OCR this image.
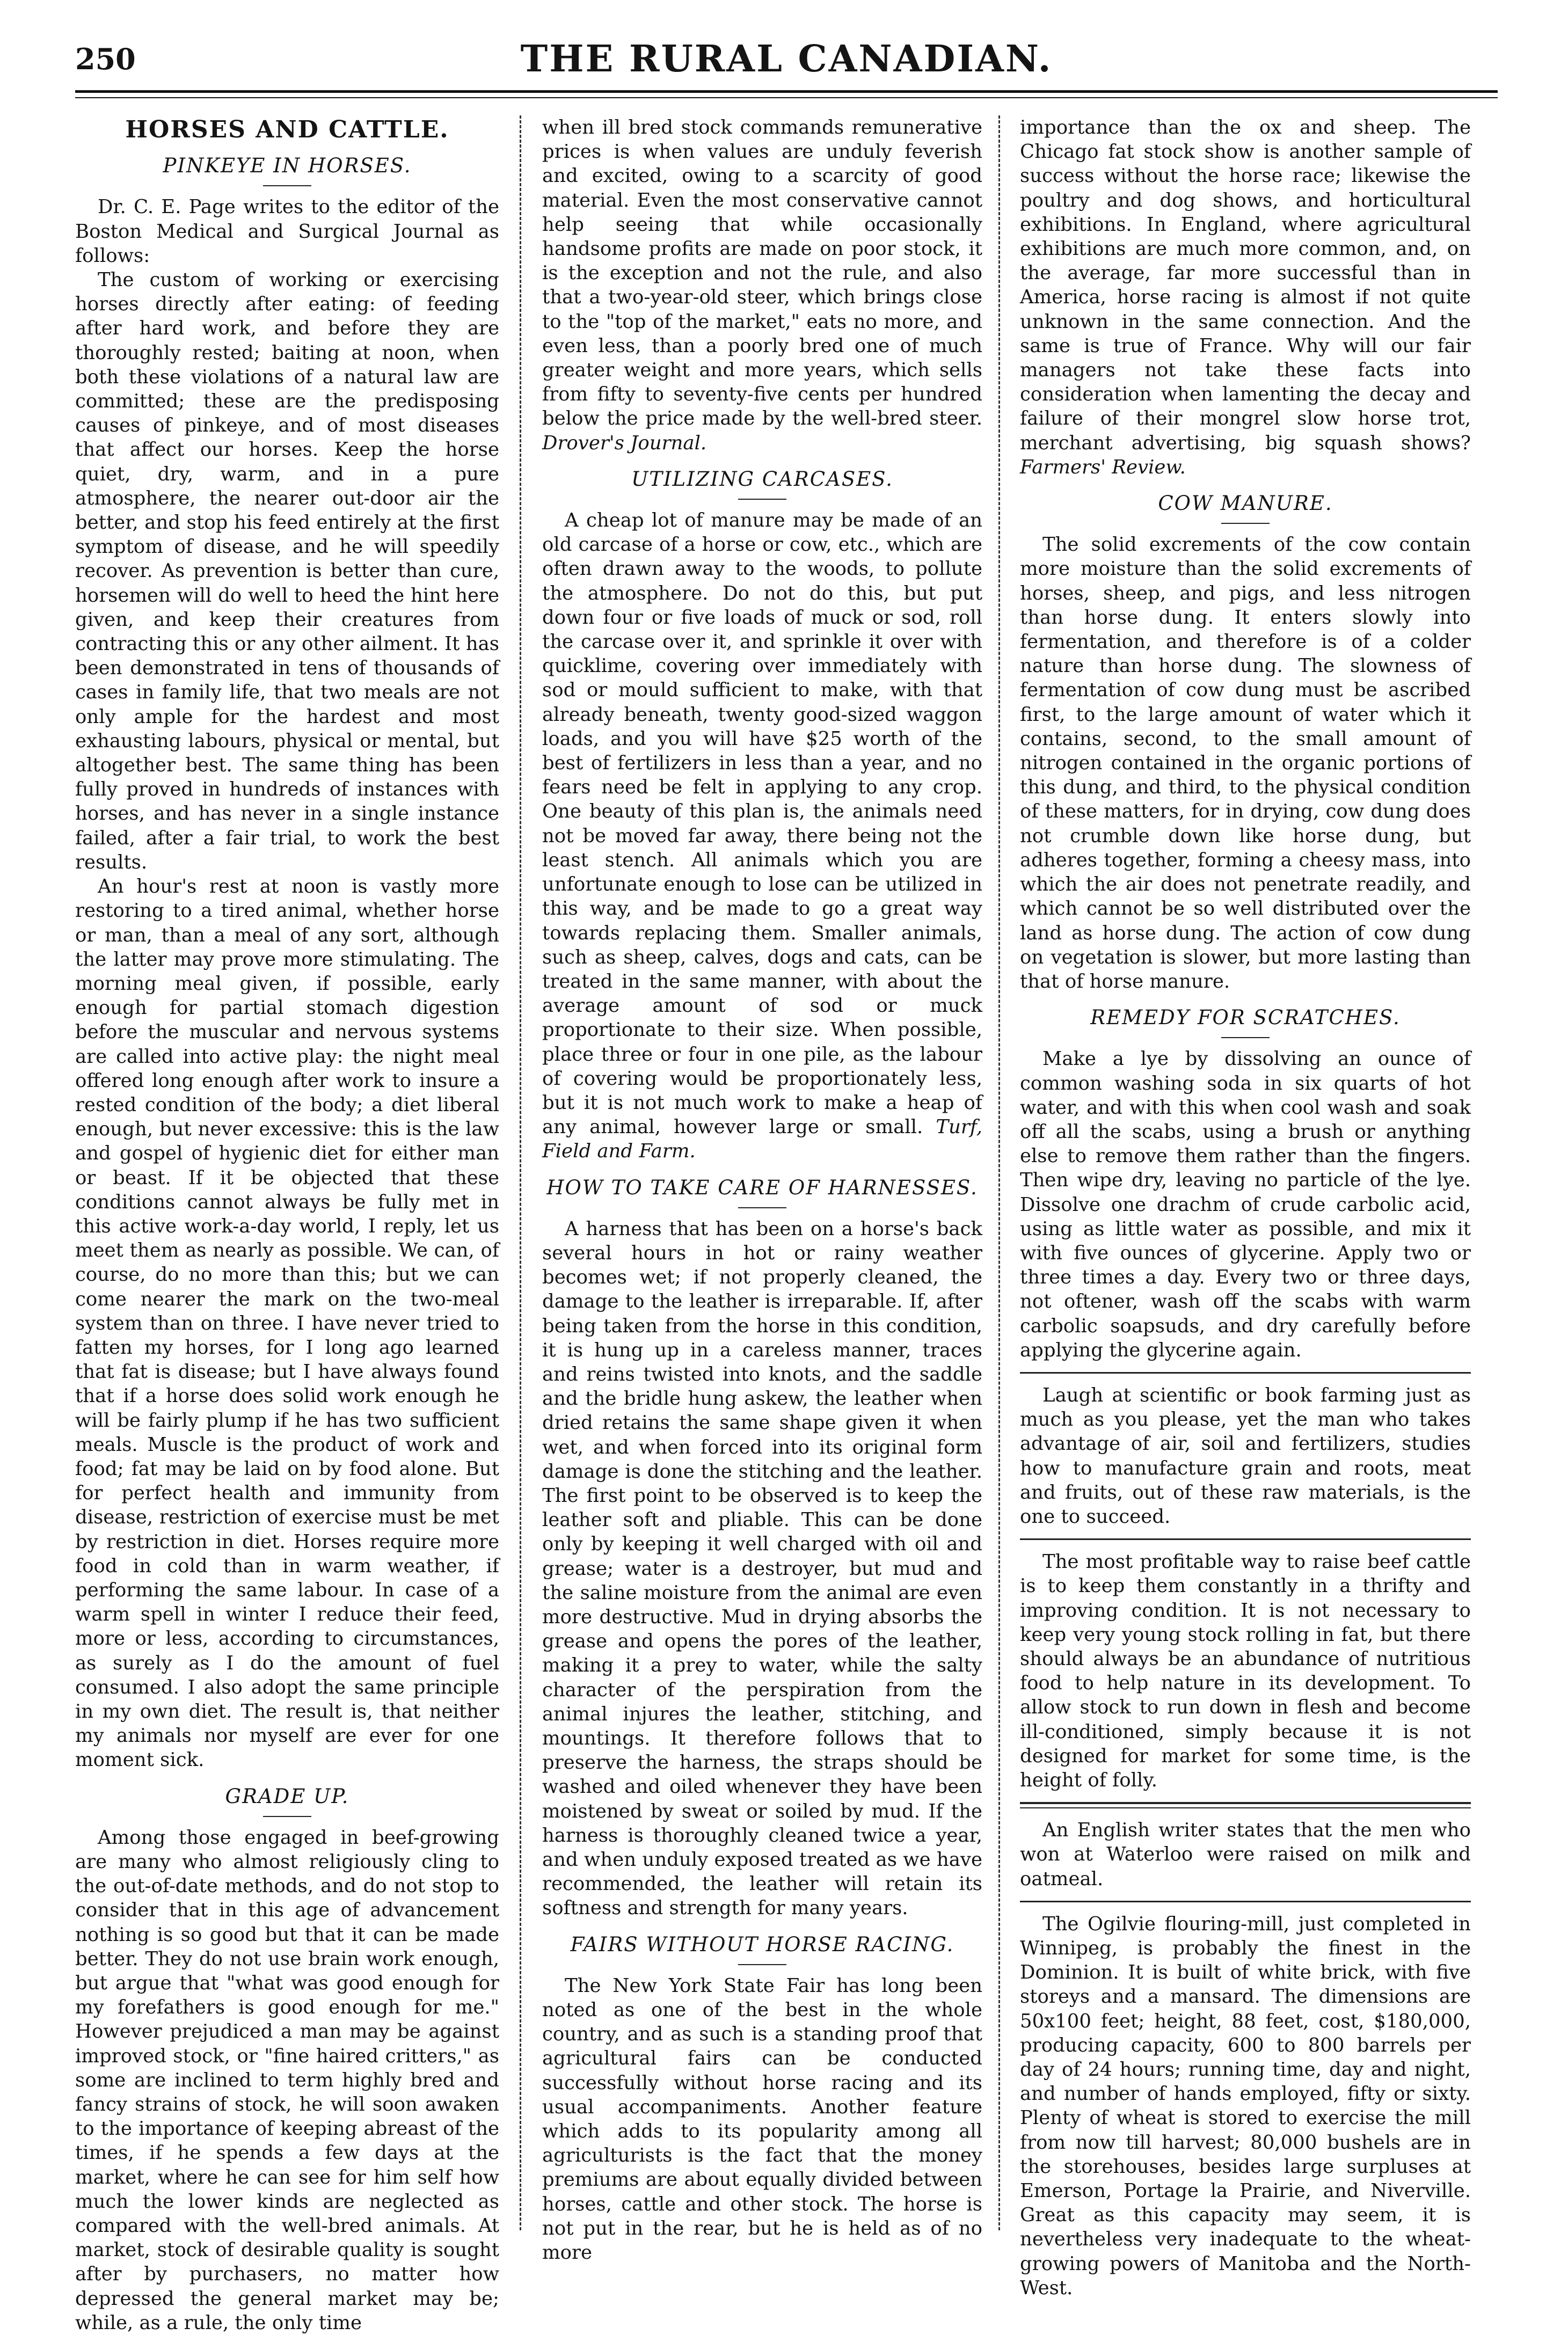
250	THE RURAL CANADIAN.
HORSES AND CATTLE.
PINKEYE IN HORSES.

Dr. C. E. Page writes to the editor of the Boston Medical and Surgical Journal as follows:

The custom of working or exercising horses directly after eating: of feeding after hard work, and before they are thoroughly rested; baiting at noon, when both these violations of a natural law are committed; these are the predisposing causes of pinkeye, and of most diseases that affect our horses. Keep the horse quiet, dry, warm, and in a pure atmosphere, the nearer out-door air the better, and stop his feed entirely at the first symptom of disease, and he will speedily recover. As prevention is better than cure, horsemen will do well to heed the hint here given, and keep their creatures from contracting this or any other ailment. It has been demonstrated in tens of thousands of cases in family life, that two meals are not only ample for the hardest and most exhausting labours, physical or mental, but altogether best. The same thing has been fully proved in hundreds of instances with horses, and has never in a single instance failed, after a fair trial, to work the best results.

An hour's rest at noon is vastly more restoring to a tired animal, whether horse or man, than a meal of any sort, although the latter may prove more stimulating. The morning meal given, if possible, early enough for partial stomach digestion before the muscular and nervous systems are called into active play: the night meal offered long enough after work to insure a rested condition of the body; a diet liberal enough, but never excessive: this is the law and gospel of hygienic diet for either man or beast. If it be objected that these conditions cannot always be fully met in this active work-a-day world, I reply, let us meet them as nearly as possible. We can, of course, do no more than this; but we can come nearer the mark on the two-meal system than on three. I have never tried to fatten my horses, for I long ago learned that fat is disease; but I have always found that if a horse does solid work enough he will be fairly plump if he has two sufficient meals. Muscle is the product of work and food; fat may be laid on by food alone. But for perfect health and immunity from disease, restriction of exercise must be met by restriction in diet. Horses require more food in cold than in warm weather, if performing the same labour. In case of a warm spell in winter I reduce their feed, more or less, according to circumstances, as surely as I do the amount of fuel consumed. I also adopt the same principle in my own diet. The result is, that neither my animals nor myself are ever for one moment sick.

GRADE UP.

Among those engaged in beef-growing are many who almost religiously cling to the out-of-date methods, and do not stop to consider that in this age of advancement nothing is so good but that it can be made better. They do not use brain work enough, but argue that "what was good enough for my forefathers is good enough for me." However prejudiced a man may be against improved stock, or "fine haired critters," as some are inclined to term highly bred and fancy strains of stock, he will soon awaken to the importance of keeping abreast of the times, if he spends a few days at the market, where he can see for him self how much the lower kinds are neglected as compared with the well-bred animals. At market, stock of desirable quality is sought after by purchasers, no matter how depressed the general market may be; while, as a rule, the only time

when ill bred stock commands remunerative prices is when values are unduly feverish and excited, owing to a scarcity of good material. Even the most conservative cannot help seeing that while occasionally handsome profits are made on poor stock, it is the exception and not the rule, and also that a two-year-old steer, which brings close to the "top of the market," eats no more, and even less, than a poorly bred one of much greater weight and more years, which sells from fifty to seventy-five cents per hundred below the price made by the well-bred steer. Drover's Journal.

UTILIZING CARCASES.

A cheap lot of manure may be made of an old carcase of a horse or cow, etc., which are often drawn away to the woods, to pollute the atmosphere. Do not do this, but put down four or five loads of muck or sod, roll the carcase over it, and sprinkle it over with quicklime, covering over immediately with sod or mould sufficient to make, with that already beneath, twenty good-sized waggon loads, and you will have $25 worth of the best of fertilizers in less than a year, and no fears need be felt in applying to any crop. One beauty of this plan is, the animals need not be moved far away, there being not the least stench. All animals which you are unfortunate enough to lose can be utilized in this way, and be made to go a great way towards replacing them. Smaller animals, such as sheep, calves, dogs and cats, can be treated in the same manner, with about the average amount of sod or muck proportionate to their size. When possible, place three or four in one pile, as the labour of covering would be proportionately less, but it is not much work to make a heap of any animal, however large or small. Turf, Field and Farm.

HOW TO TAKE CARE OF HARNESSES.

A harness that has been on a horse's back several hours in hot or rainy weather becomes wet; if not properly cleaned, the damage to the leather is irreparable. If, after being taken from the horse in this condition, it is hung up in a careless manner, traces and reins twisted into knots, and the saddle and the bridle hung askew, the leather when dried retains the same shape given it when wet, and when forced into its original form damage is done the stitching and the leather. The first point to be observed is to keep the leather soft and pliable. This can be done only by keeping it well charged with oil and grease; water is a destroyer, but mud and the saline moisture from the animal are even more destructive. Mud in drying absorbs the grease and opens the pores of the leather, making it a prey to water, while the salty character of the perspiration from the animal injures the leather, stitching, and mountings. It therefore follows that to preserve the harness, the straps should be washed and oiled whenever they have been moistened by sweat or soiled by mud. If the harness is thoroughly cleaned twice a year, and when unduly exposed treated as we have recommended, the leather will retain its softness and strength for many years.

FAIRS WITHOUT HORSE RACING.

The New York State Fair has long been noted as one of the best in the whole country, and as such is a standing proof that agricultural fairs can be conducted successfully without horse racing and its usual accompaniments. Another feature which adds to its popularity among all agriculturists is the fact that the money premiums are about equally divided between horses, cattle and other stock. The horse is not put in the rear, but he is held as of no more

importance than the ox and sheep. The Chicago fat stock show is another sample of success without the horse race; likewise the poultry and dog shows, and horticultural exhibitions. In England, where agricultural exhibitions are much more common, and, on the average, far more successful than in America, horse racing is almost if not quite unknown in the same connection. And the same is true of France. Why will our fair managers not take these facts into consideration when lamenting the decay and failure of their mongrel slow horse trot, merchant advertising, big squash shows? Farmers' Review.

COW MANURE.

The solid excrements of the cow contain more moisture than the solid excrements of horses, sheep, and pigs, and less nitrogen than horse dung. It enters slowly into fermentation, and therefore is of a colder nature than horse dung. The slowness of fermentation of cow dung must be ascribed first, to the large amount of water which it contains, second, to the small amount of nitrogen contained in the organic portions of this dung, and third, to the physical condition of these matters, for in drying, cow dung does not crumble down like horse dung, but adheres together, forming a cheesy mass, into which the air does not penetrate readily, and which cannot be so well distributed over the land as horse dung. The action of cow dung on vegetation is slower, but more lasting than that of horse manure.

REMEDY FOR SCRATCHES.

Make a lye by dissolving an ounce of common washing soda in six quarts of hot water, and with this when cool wash and soak off all the scabs, using a brush or anything else to remove them rather than the fingers. Then wipe dry, leaving no particle of the lye. Dissolve one drachm of crude carbolic acid, using as little water as possible, and mix it with five ounces of glycerine. Apply two or three times a day. Every two or three days, not oftener, wash off the scabs with warm carbolic soapsuds, and dry carefully before applying the glycerine again.

Laugh at scientific or book farming just as much as you please, yet the man who takes advantage of air, soil and fertilizers, studies how to manufacture grain and roots, meat and fruits, out of these raw materials, is the one to succeed.

The most profitable way to raise beef cattle is to keep them constantly in a thrifty and improving condition. It is not necessary to keep very young stock rolling in fat, but there should always be an abundance of nutritious food to help nature in its development. To allow stock to run down in flesh and become ill-conditioned, simply because it is not designed for market for some time, is the height of folly.

An English writer states that the men who won at Waterloo were raised on milk and oatmeal.

The Ogilvie flouring-mill, just completed in Winnipeg, is probably the finest in the Dominion. It is built of white brick, with five storeys and a mansard. The dimensions are 50x100 feet; height, 88 feet, cost, $180,000, producing capacity, 600 to 800 barrels per day of 24 hours; running time, day and night, and number of hands employed, fifty or sixty. Plenty of wheat is stored to exercise the mill from now till harvest; 80,000 bushels are in the storehouses, besides large surpluses at Emerson, Portage la Prairie, and Niverville. Great as this capacity may seem, it is nevertheless very inadequate to the wheat-growing powers of Manitoba and the North-West.
